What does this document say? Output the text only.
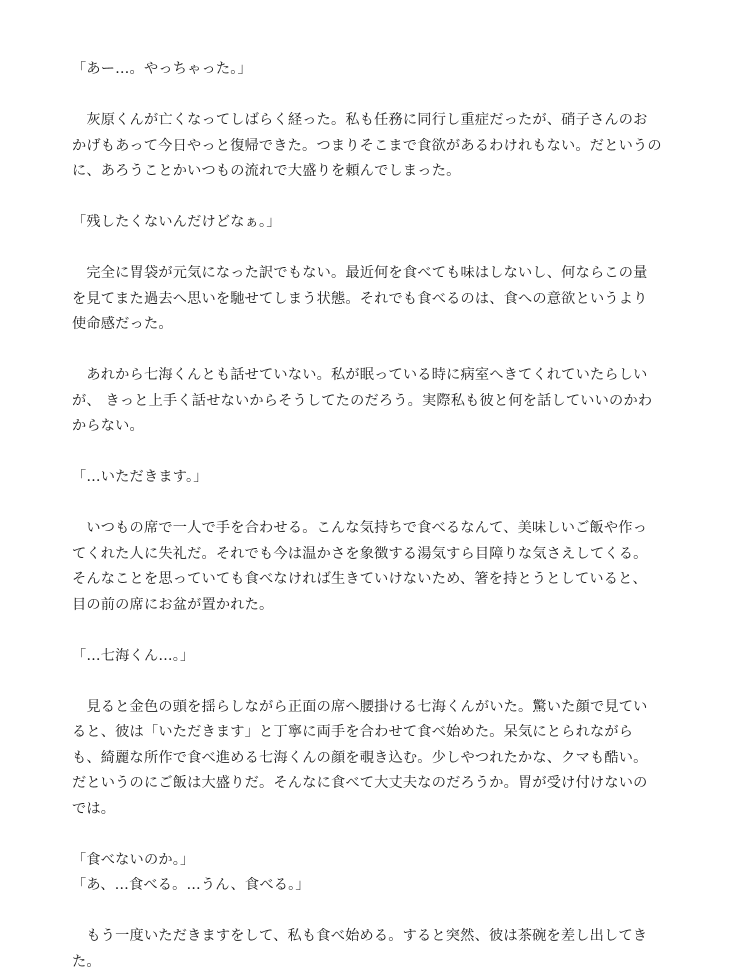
「あー…。やっちゃった。」

　灰原くんが亡くなってしばらく経った。私も任務に同行し重症だったが、硝子さんのお
かげもあって今日やっと復帰できた。つまりそこまで食欲があるわけれもない。だというの
に、あろうことかいつもの流れで大盛りを頼んでしまった。

「残したくないんだけどなぁ。」

　完全に胃袋が元気になった訳でもない。最近何を食べても味はしないし、何ならこの量
を見てまた過去へ思いを馳せてしまう状態。それでも食べるのは、食への意欲というより
使命感だった。

　あれから七海くんとも話せていない。私が眠っている時に病室へきてくれていたらしい
が、 きっと上手く話せないからそうしてたのだろう。実際私も彼と何を話していいのかわ
からない。

「…いただきます。」

　いつもの席で一人で手を合わせる。こんな気持ちで食べるなんて、美味しいご飯や作っ
てくれた人に失礼だ。それでも今は温かさを象徴する湯気すら目障りな気さえしてくる。
そんなことを思っていても食べなければ生きていけないため、箸を持とうとしていると、
目の前の席にお盆が置かれた。

「…七海くん…。」

　見ると金色の頭を揺らしながら正面の席へ腰掛ける七海くんがいた。驚いた顔で見てい
ると、彼は「いただきます」と丁寧に両手を合わせて食べ始めた。呆気にとられながら
も、綺麗な所作で食べ進める七海くんの顔を覗き込む。少しやつれたかな、クマも酷い。
だというのにご飯は大盛りだ。そんなに食べて大丈夫なのだろうか。胃が受け付けないの
では。

「食べないのか。」
「あ、…食べる。…うん、食べる。」

　もう一度いただきますをして、私も食べ始める。すると突然、彼は茶碗を差し出してき
た。
